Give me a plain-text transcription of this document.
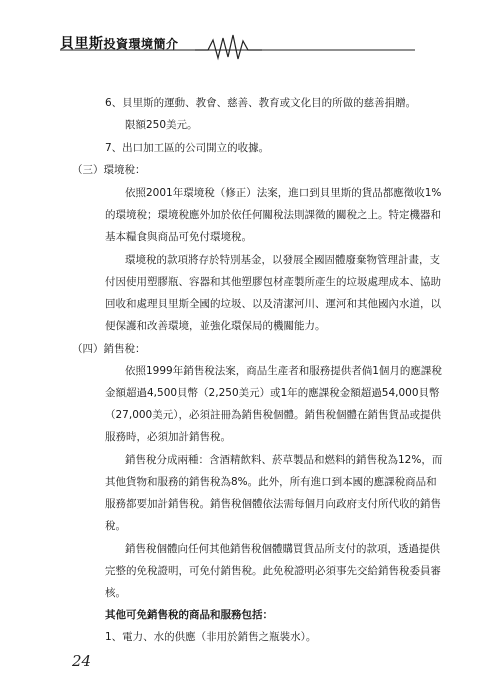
貝里斯投資環境簡介
6、貝里斯的運動、教會、慈善、教育或文化目的所做的慈善捐贈。
限額250美元。
7、出口加工區的公司開立的收據。
（三）環境稅：
依照2001年環境稅（修正）法案，進口到貝里斯的貨品都應徵收1%
的環境稅；環境稅應外加於依任何關稅法則課徵的關稅之上。特定機器和
基本糧食與商品可免付環境稅。
環境稅的款項將存於特別基金，以發展全國固體廢棄物管理計畫，支
付因使用塑膠瓶、容器和其他塑膠包材產製所產生的垃圾處理成本、協助
回收和處理貝里斯全國的垃圾、以及清潔河川、運河和其他國內水道，以
便保護和改善環境，並強化環保局的機關能力。
（四）銷售稅：
依照1999年銷售稅法案，商品生產者和服務提供者倘1個月的應課稅
金額超過4,500貝幣（2,250美元）或1年的應課稅金額超過54,000貝幣
（27,000美元），必須註冊為銷售稅個體。銷售稅個體在銷售貨品或提供
服務時，必須加計銷售稅。
銷售稅分成兩種：含酒精飲料、菸草製品和燃料的銷售稅為12%，而
其他貨物和服務的銷售稅為8%。此外，所有進口到本國的應課稅商品和
服務都要加計銷售稅。銷售稅個體依法需每個月向政府支付所代收的銷售
稅。
銷售稅個體向任何其他銷售稅個體購買貨品所支付的款項，透過提供
完整的免稅證明，可免付銷售稅。此免稅證明必須事先交給銷售稅委員審
核。
其他可免銷售稅的商品和服務包括：
1、電力、水的供應（非用於銷售之瓶裝水）。
24
